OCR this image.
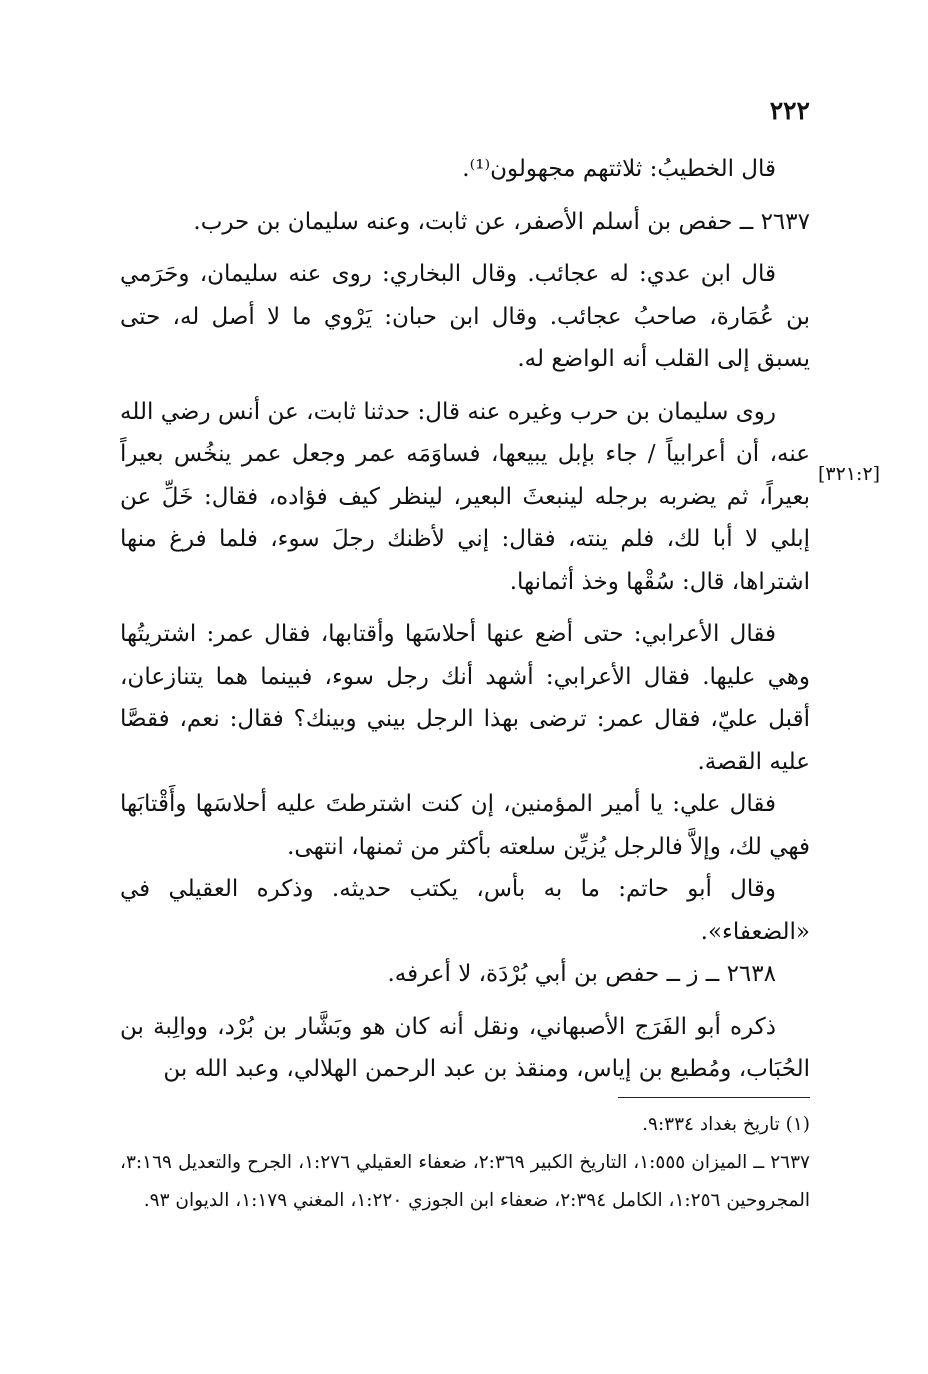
٢٢٢

قال الخطيبُ: ثلاثتهم مجهولون⁽¹⁾.

٢٦٣٧ ــ حفص بن أسلم الأصفر، عن ثابت، وعنه سليمان بن حرب.

قال ابن عدي: له عجائب. وقال البخاري: روى عنه سليمان، وحَرَمي بن عُمَارة، صاحبُ عجائب. وقال ابن حبان: يَرْوي ما لا أصل له، حتى يسبق إلى القلب أنه الواضع له.

روى سليمان بن حرب وغيره عنه قال: حدثنا ثابت، عن أنس رضي الله عنه، أن أعرابياً / جاء بإبل يبيعها، فساوَمَه عمر وجعل عمر ينخُس بعيراً بعيراً، ثم يضربه برجله لينبعثَ البعير، لينظر كيف فؤاده، فقال: خَلِّ عن إبلي لا أبا لك، فلم ينته، فقال: إني لأظنك رجلَ سوء، فلما فرغ منها اشتراها، قال: سُقْها وخذ أثمانها.

فقال الأعرابي: حتى أضع عنها أحلاسَها وأقتابها، فقال عمر: اشتريتُها وهي عليها. فقال الأعرابي: أشهد أنك رجل سوء، فبينما هما يتنازعان، أقبل عليّ، فقال عمر: ترضى بهذا الرجل بيني وبينك؟ فقال: نعم، فقصَّا عليه القصة.

فقال علي: يا أمير المؤمنين، إن كنت اشترطتَ عليه أحلاسَها وأَقْتابَها فهي لك، وإلاَّ فالرجل يُزيِّن سلعته بأكثر من ثمنها، انتهى.

وقال أبو حاتم: ما به بأس، يكتب حديثه. وذكره العقيلي في «الضعفاء».

٢٦٣٨ ــ ز ــ حفص بن أبي بُرْدَة، لا أعرفه.

ذكره أبو الفَرَج الأصبهاني، ونقل أنه كان هو وبَشَّار بن بُرْد، ووالِبة بن الحُبَاب، ومُطيع بن إياس، ومنقذ بن عبد الرحمن الهلالي، وعبد الله بن

[٣٢١:٢]

(١) تاريخ بغداد ٩:٣٣٤.

٢٦٣٧ ــ الميزان ١:٥٥٥، التاريخ الكبير ٢:٣٦٩، ضعفاء العقيلي ١:٢٧٦، الجرح والتعديل ٣:١٦٩، المجروحين ١:٢٥٦، الكامل ٢:٣٩٤، ضعفاء ابن الجوزي ١:٢٢٠، المغني ١:١٧٩، الديوان ٩٣.
